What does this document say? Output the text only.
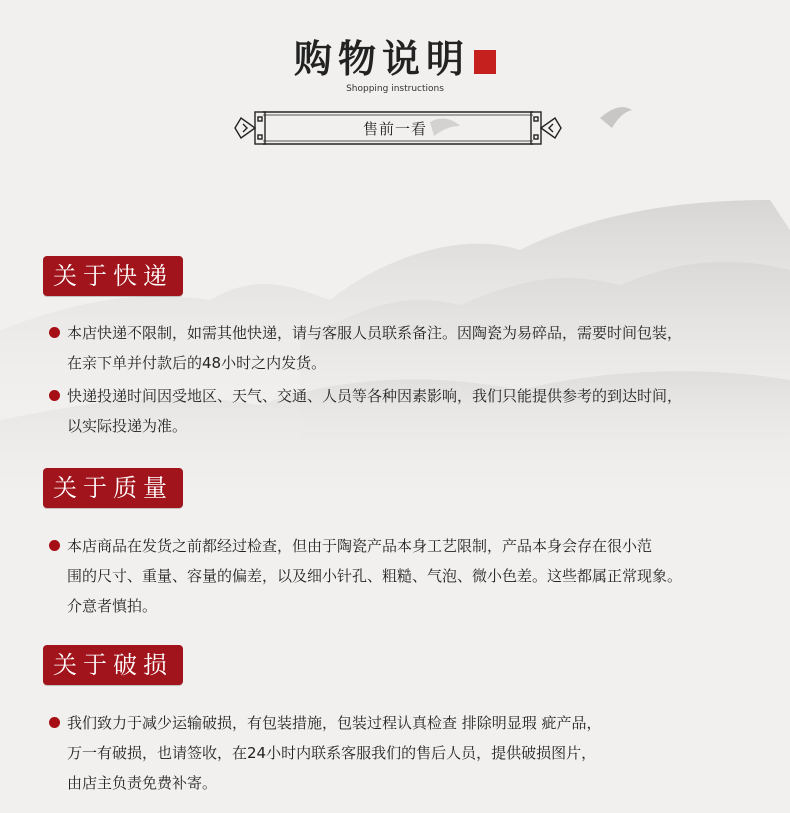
购物说明
Shopping instructions
售前一看
关于快递
本店快递不限制，如需其他快递，请与客服人员联系备注。因陶瓷为易碎品，需要时间包装，
在亲下单并付款后的48小时之内发货。
快递投递时间因受地区、天气、交通、人员等各种因素影响，我们只能提供参考的到达时间，
以实际投递为准。
关于质量
本店商品在发货之前都经过检查，但由于陶瓷产品本身工艺限制，产品本身会存在很小范
围的尺寸、重量、容量的偏差，以及细小针孔、粗糙、气泡、微小色差。这些都属正常现象。
介意者慎拍。
关于破损
我们致力于减少运输破损，有包装措施，包装过程认真检查 排除明显瑕 疵产品，
万一有破损，也请签收，在24小时内联系客服我们的售后人员，提供破损图片，
由店主负责免费补寄。
